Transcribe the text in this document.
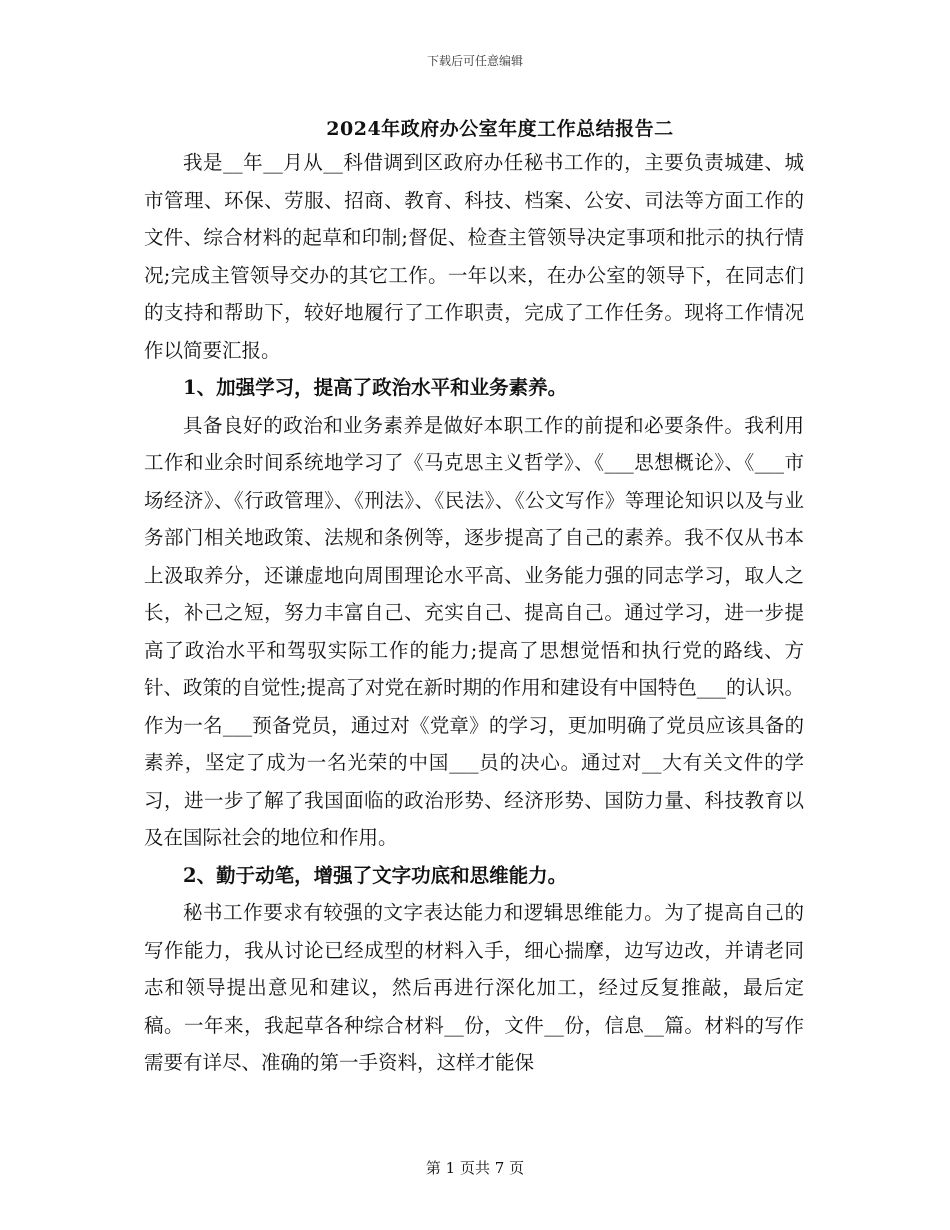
下载后可任意编辑
2024年政府办公室年度工作总结报告二

我是__年__月从__科借调到区政府办任秘书工作的，主要负责城建、城市管理、环保、劳服、招商、教育、科技、档案、公安、司法等方面工作的文件、综合材料的起草和印制;督促、检查主管领导决定事项和批示的执行情况;完成主管领导交办的其它工作。一年以来，在办公室的领导下，在同志们的支持和帮助下，较好地履行了工作职责，完成了工作任务。现将工作情况作以简要汇报。

1、加强学习，提高了政治水平和业务素养。

具备良好的政治和业务素养是做好本职工作的前提和必要条件。我利用工作和业余时间系统地学习了《马克思主义哲学》、《___思想概论》、《___市场经济》、《行政管理》、《刑法》、《民法》、《公文写作》等理论知识以及与业务部门相关地政策、法规和条例等，逐步提高了自己的素养。我不仅从书本上汲取养分，还谦虚地向周围理论水平高、业务能力强的同志学习，取人之长，补己之短，努力丰富自己、充实自己、提高自己。通过学习，进一步提高了政治水平和驾驭实际工作的能力;提高了思想觉悟和执行党的路线、方针、政策的自觉性;提高了对党在新时期的作用和建设有中国特色___的认识。作为一名___预备党员，通过对《党章》的学习，更加明确了党员应该具备的素养，坚定了成为一名光荣的中国___员的决心。通过对__大有关文件的学习，进一步了解了我国面临的政治形势、经济形势、国防力量、科技教育以及在国际社会的地位和作用。

2、勤于动笔，增强了文字功底和思维能力。

秘书工作要求有较强的文字表达能力和逻辑思维能力。为了提高自己的写作能力，我从讨论已经成型的材料入手，细心揣摩，边写边改，并请老同志和领导提出意见和建议，然后再进行深化加工，经过反复推敲，最后定稿。一年来，我起草各种综合材料__份，文件__份，信息__篇。材料的写作需要有详尽、准确的第一手资料，这样才能保

第 1 页共 7 页
